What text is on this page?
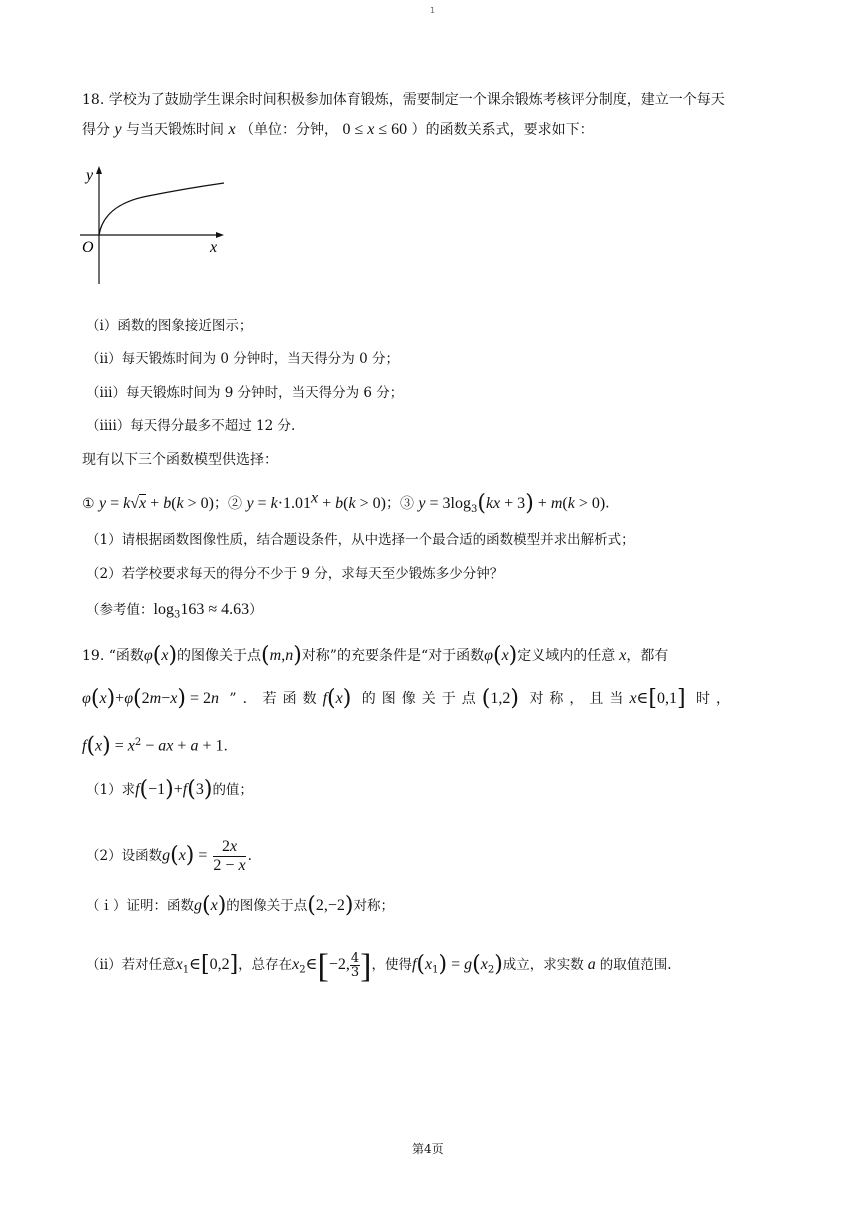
1
18. 学校为了鼓励学生课余时间积极参加体育锻炼，需要制定一个课余锻炼考核评分制度，建立一个每天
得分 y 与当天锻炼时间 x （单位：分钟， 0 ≤ x ≤ 60 ）的函数关系式，要求如下：
y
x
O
（i）函数的图象接近图示；
（ii）每天锻炼时间为 0 分钟时，当天得分为 0 分；
（iii）每天锻炼时间为 9 分钟时，当天得分为 6 分；
（iiii）每天得分最多不超过 12 分.
现有以下三个函数模型供选择：
① y = k√x + b(k > 0)；② $y = k\cdot 1.01^x + b(k > 0)$；③ $y = 3\log_3(kx + 3) + m(k > 0)$.
（1）请根据函数图像性质，结合题设条件，从中选择一个最合适的函数模型并求出解析式；
（2）若学校要求每天的得分不少于 9 分，求每天至少锻炼多少分钟？
（参考值：$\log_3163 \approx 4.63$）
19. “函数φ(x)的图像关于点(m,n)对称”的充要条件是“对于函数φ(x)定义域内的任意 x，都有
φ(x)+φ(2m−x) = 2n ”．若函数f(x) 的图像关于点(1,2) 对称，且当x∈[0,1] 时，
$f(x) = x^2$ − ax + a + 1.
（1）求f(−1)+f(3)的值；
（2）设函数$g(x) = \frac{2x}{2 - x}$ .
（ｉ）证明：函数g(x)的图像关于点(2,−2)对称；
（ii）若对任意$x_1\in[0,2]$，总存在$x_2\in[-2$, $\frac{4}{3}$]，使得$f(x_1) = g(x_2)$成立，求实数 a 的取值范围.
第4页
